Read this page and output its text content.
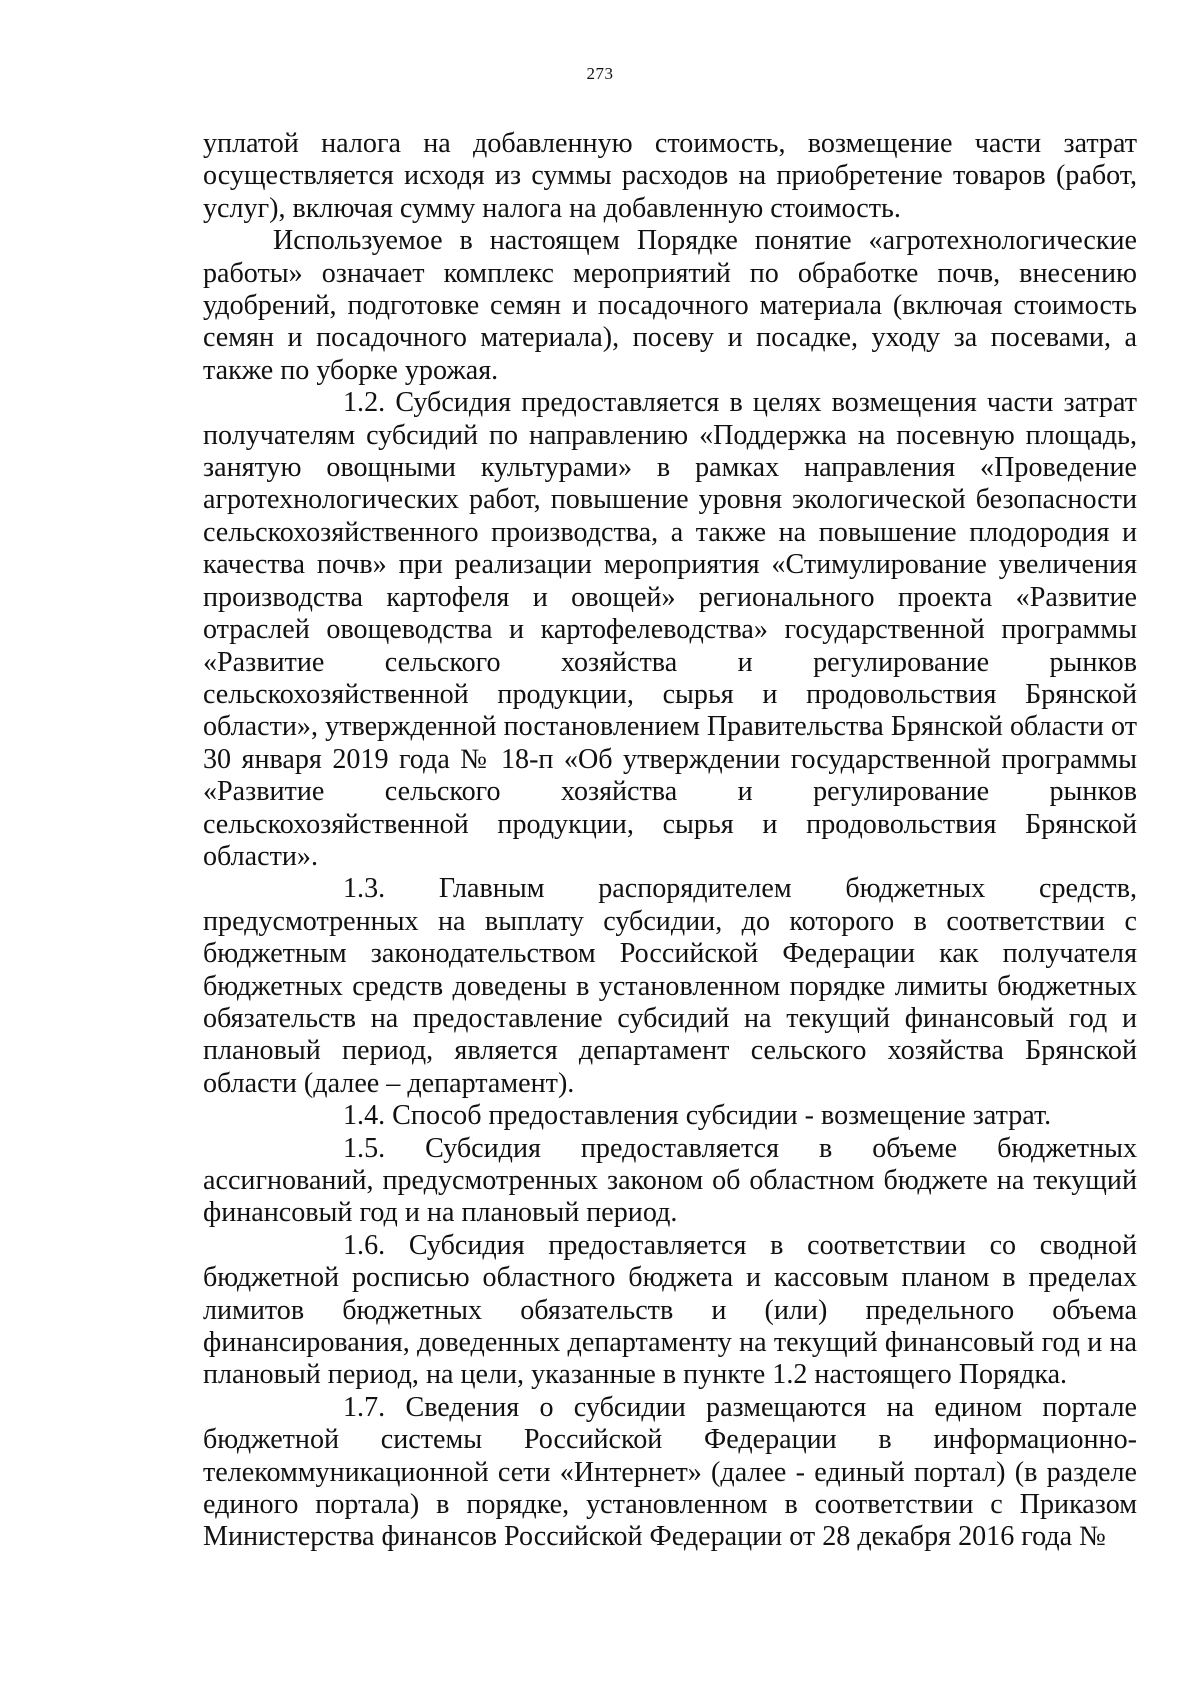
273

уплатой налога на добавленную стоимость, возмещение части затрат осуществляется исходя из суммы расходов на приобретение товаров (работ, услуг), включая сумму налога на добавленную стоимость.

Используемое в настоящем Порядке понятие «агротехнологические работы» означает комплекс мероприятий по обработке почв, внесению удобрений, подготовке семян и посадочного материала (включая стоимость семян и посадочного материала), посеву и посадке, уходу за посевами, а также по уборке урожая.

1.2. Субсидия предоставляется в целях возмещения части затрат получателям субсидий по направлению «Поддержка на посевную площадь, занятую овощными культурами» в рамках направления «Проведение агротехнологических работ, повышение уровня экологической безопасности сельскохозяйственного производства, а также на повышение плодородия и качества почв» при реализации мероприятия «Стимулирование увеличения производства картофеля и овощей» регионального проекта «Развитие отраслей овощеводства и картофелеводства» государственной программы «Развитие сельского хозяйства и регулирование рынков сельскохозяйственной продукции, сырья и продовольствия Брянской области», утвержденной постановлением Правительства Брянской области от 30 января 2019 года № 18-п «Об утверждении государственной программы «Развитие сельского хозяйства и регулирование рынков сельскохозяйственной продукции, сырья и продовольствия Брянской области».

1.3. Главным распорядителем бюджетных средств, предусмотренных на выплату субсидии, до которого в соответствии с бюджетным законодательством Российской Федерации как получателя бюджетных средств доведены в установленном порядке лимиты бюджетных обязательств на предоставление субсидий на текущий финансовый год и плановый период, является департамент сельского хозяйства Брянской области (далее – департамент).

1.4. Способ предоставления субсидии - возмещение затрат.

1.5. Субсидия предоставляется в объеме бюджетных ассигнований, предусмотренных законом об областном бюджете на текущий финансовый год и на плановый период.

1.6. Субсидия предоставляется в соответствии со сводной бюджетной росписью областного бюджета и кассовым планом в пределах лимитов бюджетных обязательств и (или) предельного объема финансирования, доведенных департаменту на текущий финансовый год и на плановый период, на цели, указанные в пункте 1.2 настоящего Порядка.

1.7. Сведения о субсидии размещаются на едином портале бюджетной системы Российской Федерации в информационно-телекоммуникационной сети «Интернет» (далее - единый портал) (в разделе единого портала) в порядке, установленном в соответствии с Приказом Министерства финансов Российской Федерации от 28 декабря 2016 года №
